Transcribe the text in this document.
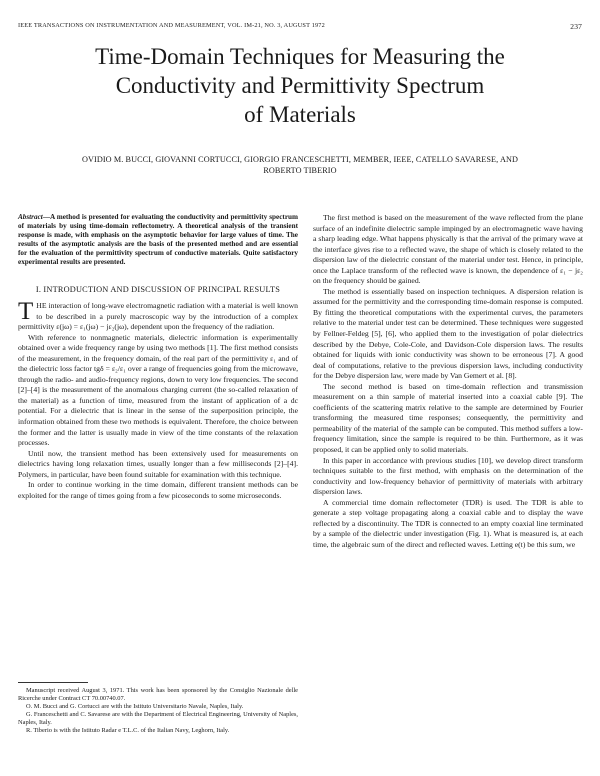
IEEE TRANSACTIONS ON INSTRUMENTATION AND MEASUREMENT, VOL. IM-21, NO. 3, AUGUST 1972	237
Time-Domain Techniques for Measuring the
Conductivity and Permittivity Spectrum
of Materials
OVIDIO M. BUCCI, GIOVANNI CORTUCCI, GIORGIO FRANCESCHETTI, MEMBER, IEEE, CATELLO SAVARESE, AND
ROBERTO TIBERIO

Abstract—A method is presented for evaluating the conductivity and permittivity spectrum of materials by using time-domain reflectometry. A theoretical analysis of the transient response is made, with emphasis on the asymptotic behavior for large values of time. The results of the asymptotic analysis are the basis of the presented method and are essential for the evaluation of the permittivity spectrum of conductive materials. Quite satisfactory experimental results are presented.

I. INTRODUCTION AND DISCUSSION OF PRINCIPAL RESULTS

THE interaction of long-wave electromagnetic radiation with a material is well known to be described in a purely macroscopic way by the introduction of a complex permittivity ε(jω) = ε₁(jω) − jε₂(jω), dependent upon the frequency of the radiation.

With reference to nonmagnetic materials, dielectric information is experimentally obtained over a wide frequency range by using two methods [1]. The first method consists of the measurement, in the frequency domain, of the real part of the permittivity ε₁ and of the dielectric loss factor tgδ = ε₂/ε₁ over a range of frequencies going from the microwave, through the radio- and audio-frequency regions, down to very low frequencies. The second [2]–[4] is the measurement of the anomalous charging current (the so-called relaxation of the material) as a function of time, measured from the instant of application of a dc potential. For a dielectric that is linear in the sense of the superposition principle, the information obtained from these two methods is equivalent. Therefore, the choice between the former and the latter is usually made in view of the time constants of the relaxation processes.

Until now, the transient method has been extensively used for measurements on dielectrics having long relaxation times, usually longer than a few milliseconds [2]–[4]. Polymers, in particular, have been found suitable for examination with this technique.

In order to continue working in the time domain, different transient methods can be exploited for the range of times going from a few picoseconds to some microseconds.

Manuscript received August 3, 1971. This work has been sponsored by the Consiglio Nazionale delle Ricerche under Contract CT 70.00740.07.

O. M. Bucci and G. Cortucci are with the Istituto Universitario Navale, Naples, Italy.

G. Franceschetti and C. Savarese are with the Department of Electrical Engineering, University of Naples, Naples, Italy.

R. Tiberio is with the Istituto Radar e T.L.C. of the Italian Navy, Leghorn, Italy.

The first method is based on the measurement of the wave reflected from the plane surface of an indefinite dielectric sample impinged by an electromagnetic wave having a sharp leading edge. What happens physically is that the arrival of the primary wave at the interface gives rise to a reflected wave, the shape of which is closely related to the dispersion law of the dielectric constant of the material under test. Hence, in principle, once the Laplace transform of the reflected wave is known, the dependence of ε₁ − jε₂ on the frequency should be gained.

The method is essentially based on inspection techniques. A dispersion relation is assumed for the permittivity and the corresponding time-domain response is computed. By fitting the theoretical computations with the experimental curves, the parameters relative to the material under test can be determined. These techniques were suggested by Fellner-Feldeg [5], [6], who applied them to the investigation of polar dielectrics described by the Debye, Cole-Cole, and Davidson-Cole dispersion laws. The results obtained for liquids with ionic conductivity was shown to be erroneous [7]. A good deal of computations, relative to the previous dispersion laws, including conductivity for the Debye dispersion law, were made by Van Gemert et al. [8].

The second method is based on time-domain reflection and transmission measurement on a thin sample of material inserted into a coaxial cable [9]. The coefficients of the scattering matrix relative to the sample are determined by Fourier transforming the measured time responses; consequently, the permittivity and permeability of the material of the sample can be computed. This method suffers a low-frequency limitation, since the sample is required to be thin. Furthermore, as it was proposed, it can be applied only to solid materials.

In this paper in accordance with previous studies [10], we develop direct transform techniques suitable to the first method, with emphasis on the determination of the conductivity and low-frequency behavior of permittivity of materials with arbitrary dispersion laws.

A commercial time domain reflectometer (TDR) is used. The TDR is able to generate a step voltage propagating along a coaxial cable and to display the wave reflected by a discontinuity. The TDR is connected to an empty coaxial line terminated by a sample of the dielectric under investigation (Fig. 1). What is measured is, at each time, the algebraic sum of the direct and reflected waves. Letting e(t) be this sum, we
